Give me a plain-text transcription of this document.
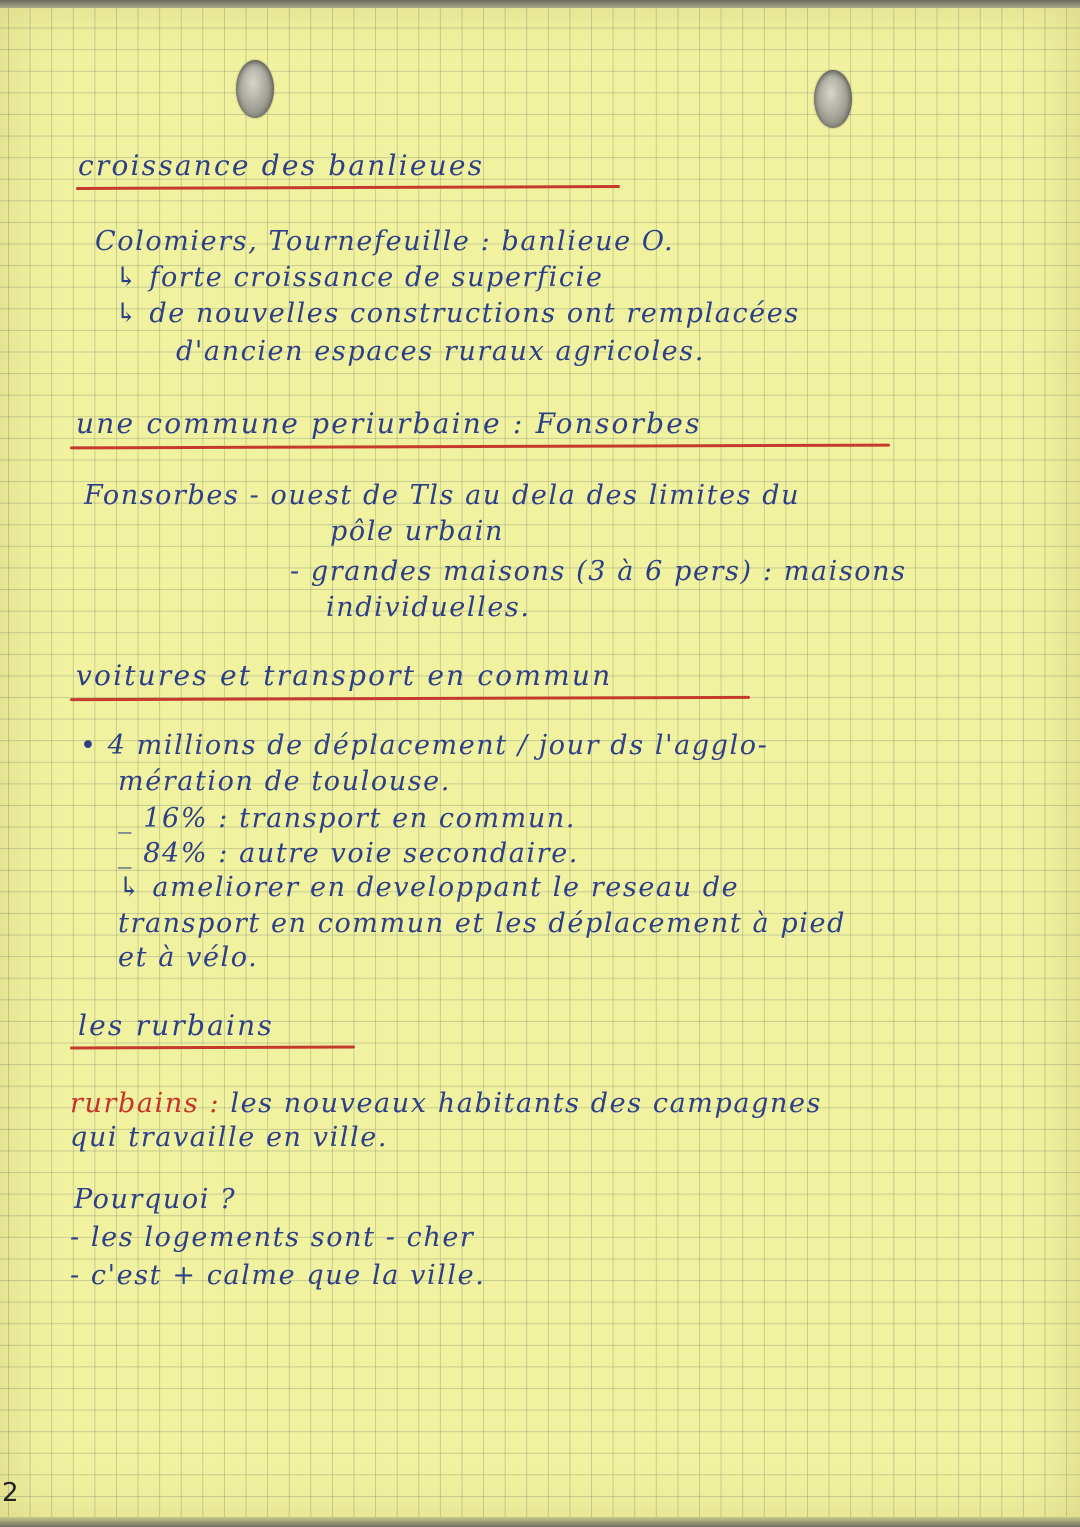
croissance des banlieues

Colomiers, Tournefeuille : banlieue O.

↳ forte croissance de superficie

↳ de nouvelles constructions ont remplacées

d'ancien espaces ruraux agricoles.

une commune periurbaine : Fonsorbes

Fonsorbes - ouest de Tls au dela des limites du

pôle urbain

- grandes maisons (3 à 6 pers) : maisons

individuelles.

voitures et transport en commun

• 4 millions de déplacement / jour ds l'agglo-

mération de toulouse.

_ 16% : transport en commun.

_ 84% : autre voie secondaire.

↳ ameliorer en developpant le reseau de

transport en commun et les déplacement à pied

et à vélo.

les rurbains

rurbains : les nouveaux habitants des campagnes

qui travaille en ville.

Pourquoi ?

- les logements sont - cher

- c'est + calme que la ville.

2
